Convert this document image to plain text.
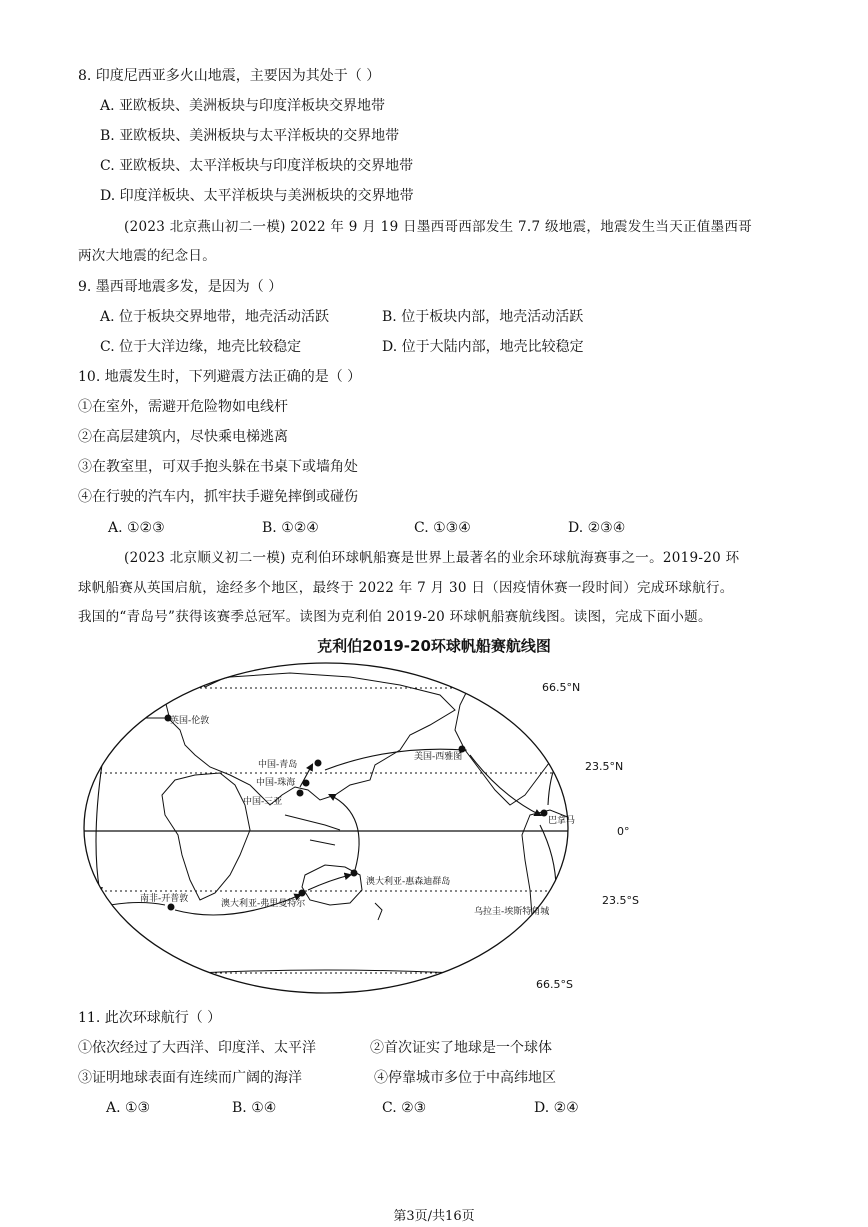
8. 印度尼西亚多火山地震，主要因为其处于（ ）
A. 亚欧板块、美洲板块与印度洋板块交界地带
B. 亚欧板块、美洲板块与太平洋板块的交界地带
C. 亚欧板块、太平洋板块与印度洋板块的交界地带
D. 印度洋板块、太平洋板块与美洲板块的交界地带
(2023 北京燕山初二一模) 2022 年 9 月 19 日墨西哥西部发生 7.7 级地震，地震发生当天正值墨西哥
两次大地震的纪念日。
9. 墨西哥地震多发，是因为（ ）
A. 位于板块交界地带，地壳活动活跃	B. 位于板块内部，地壳活动活跃
C. 位于大洋边缘，地壳比较稳定	D. 位于大陆内部，地壳比较稳定
10. 地震发生时，下列避震方法正确的是（ ）
①在室外，需避开危险物如电线杆
②在高层建筑内，尽快乘电梯逃离
③在教室里，可双手抱头躲在书桌下或墙角处
④在行驶的汽车内，抓牢扶手避免摔倒或碰伤
A. ①②③	B. ①②④	C. ①③④	D. ②③④
(2023 北京顺义初二一模) 克利伯环球帆船赛是世界上最著名的业余环球航海赛事之一。2019-20 环
球帆船赛从英国启航，途经多个地区，最终于 2022 年 7 月 30 日（因疫情休赛一段时间）完成环球航行。
我国的“青岛号”获得该赛季总冠军。读图为克利伯 2019-20 环球帆船赛航线图。读图，完成下面小题。
克利伯2019-20环球帆船赛航线图
英国-伦敦
中国-青岛
中国-珠海
中国-三亚
美国-西雅图
巴拿马
澳大利亚-惠森迪群岛
澳大利亚-弗里曼特尔
南非-开普敦
乌拉圭-埃斯特角城
66.5°N
23.5°N
0°
23.5°S
66.5°S
11. 此次环球航行（ ）
①依次经过了大西洋、印度洋、太平洋	②首次证实了地球是一个球体
③证明地球表面有连续而广阔的海洋	④停靠城市多位于中高纬地区
A. ①③	B. ①④	C. ②③	D. ②④
第3页/共16页
